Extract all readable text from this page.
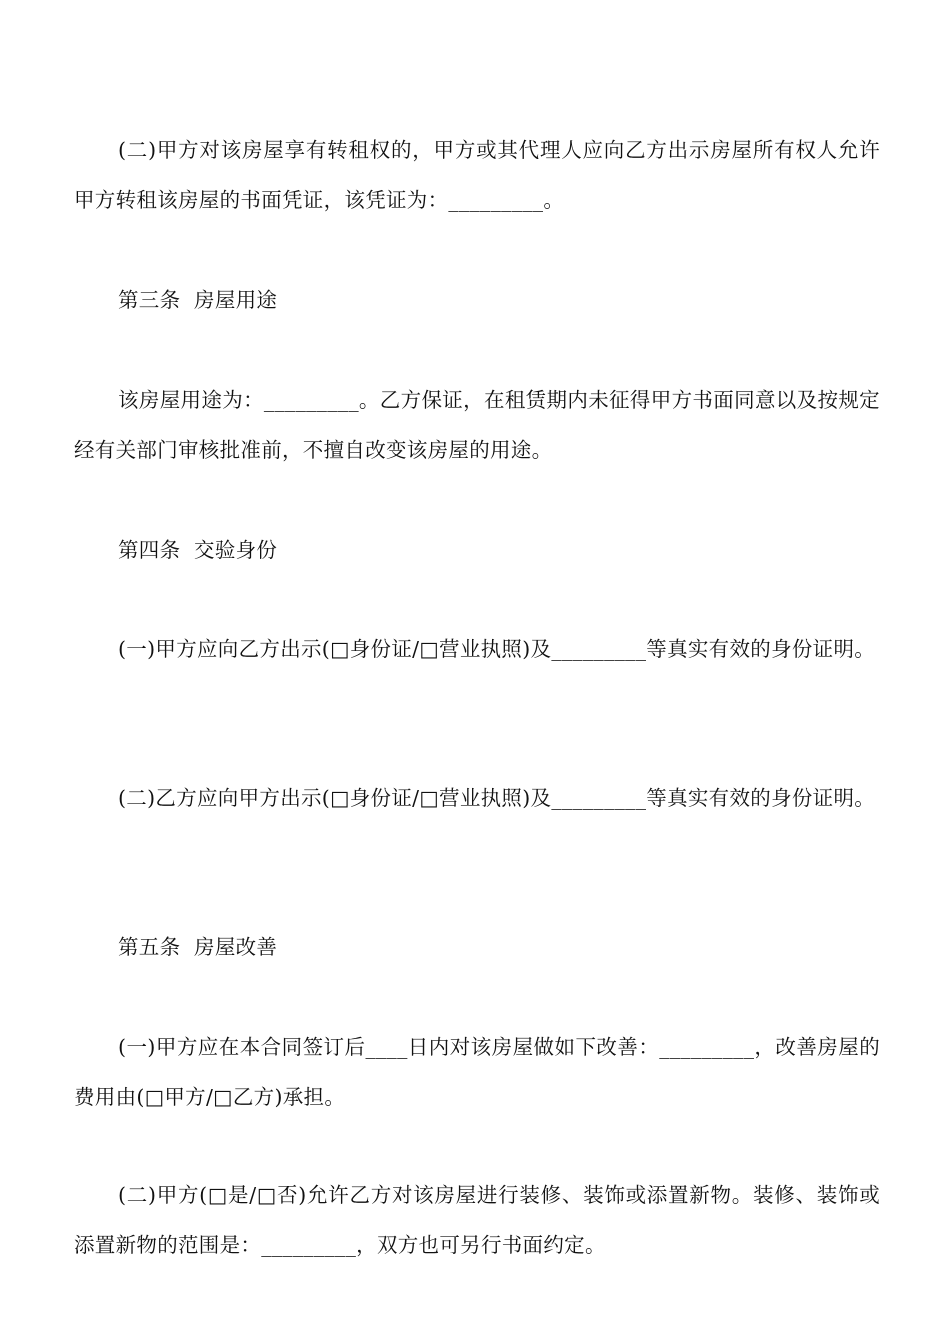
(二)甲方对该房屋享有转租权的，甲方或其代理人应向乙方出示房屋所有权人允许甲方转租该房屋的书面凭证，该凭证为：_________。

第三条  房屋用途

该房屋用途为：_________。乙方保证，在租赁期内未征得甲方书面同意以及按规定经有关部门审核批准前，不擅自改变该房屋的用途。

第四条  交验身份

(一)甲方应向乙方出示(□身份证/□营业执照)及_________等真实有效的身份证明。

(二)乙方应向甲方出示(□身份证/□营业执照)及_________等真实有效的身份证明。

第五条  房屋改善

(一)甲方应在本合同签订后____日内对该房屋做如下改善：_________，改善房屋的费用由(□甲方/□乙方)承担。

(二)甲方(□是/□否)允许乙方对该房屋进行装修、装饰或添置新物。装修、装饰或添置新物的范围是：_________，双方也可另行书面约定。
